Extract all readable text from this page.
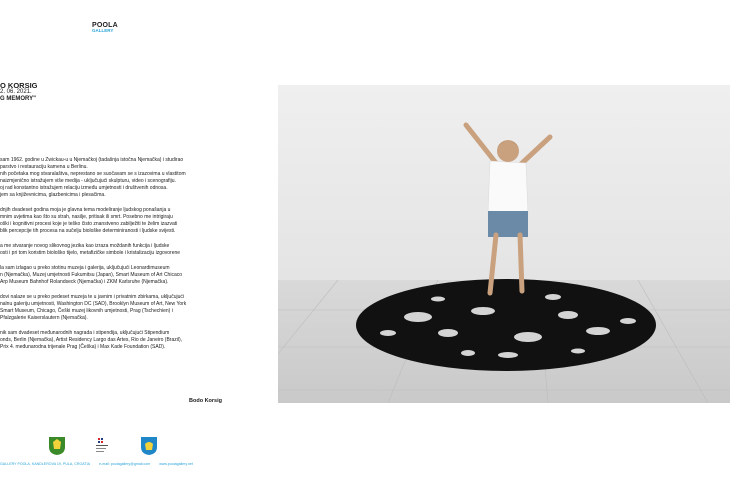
POOLA
GALLERY
O KORSIG
2. 06. 2021.
G MEMORY"

sam 1962. godine u Zwickau-u u Njemačkoj (tadašnja istočna Njemačka) i studirao
parstvo i restauraciju kamena u Berlinu.
nih početaka mog stvaralaštva, neprestano se suočavam se s izazovima u vlastitom
naizmjenično istražujem više medija - uključujući skulpturu, video i scenografiju.
oj rad konstantno istražujem relaciju između umjetnosti i društvenih odnosa.
jem sa književnicima, glazbenicima i plesačima.

dnjih dvadeset godina moja je glavna tema modeliranje ljudskog ponašanja u
mnim uvjetima kao što su strah, nasilje, pritisak ili smrt. Posebno me intrigiraju
oški i kognitivni procesi koje je teško čisto znanstveno zabilježiti te želim izazvati
blik percepcije tih procesa na sučelju biološke determiniranosti i ljudske svijesti.

a me stvaranje novog slikovnog jezika kao izraza moždanih funkcija i ljudske
osti i pri tom koristim biološko tijelo, metafizičke simbole i kristalizaciju izgovorene

la sam izlagao u preko stotinu muzeja i galerija, uključujući Leonardimuseum
n (Njemačka), Muzej umjetnosti Fukumitsu (Japan), Smart Museum of Art Chicaco
Arp Museum Bahnhof Rolandseck (Njemačka) i ZKM Karlsruhe (Njemačka).

dovi nalaze se u preko pedeset muzeja te u javnim i privatnim zbirkama, uključujući
nalnu galeriju umjetnosti, Washington DC (SAD), Brooklyn Museum of Art, New York
Smart Museum, Chicago, Češki muzej likovnih umjetnosti, Prag (Tschechien) i
Pfalzgalerie Kaiserslautern (Njemačka).

nik sam dvadeset međunarodnih nagrada i stipendija, uključujući Stipendium
onds, Berlin (Njemačka), Artist Residency Largo das Artes, Rio de Janeiro (Brazil),
Prix 4. međunarodna trijenale Prag (Češka) i Max Kade Foundation (SAD).

Bodo Korsig
GALLERY POOLA, KANDLEROVA 19, PULA, CROATIA	e-mail: poolagallery@gmail.com	www.poolagallery.net
